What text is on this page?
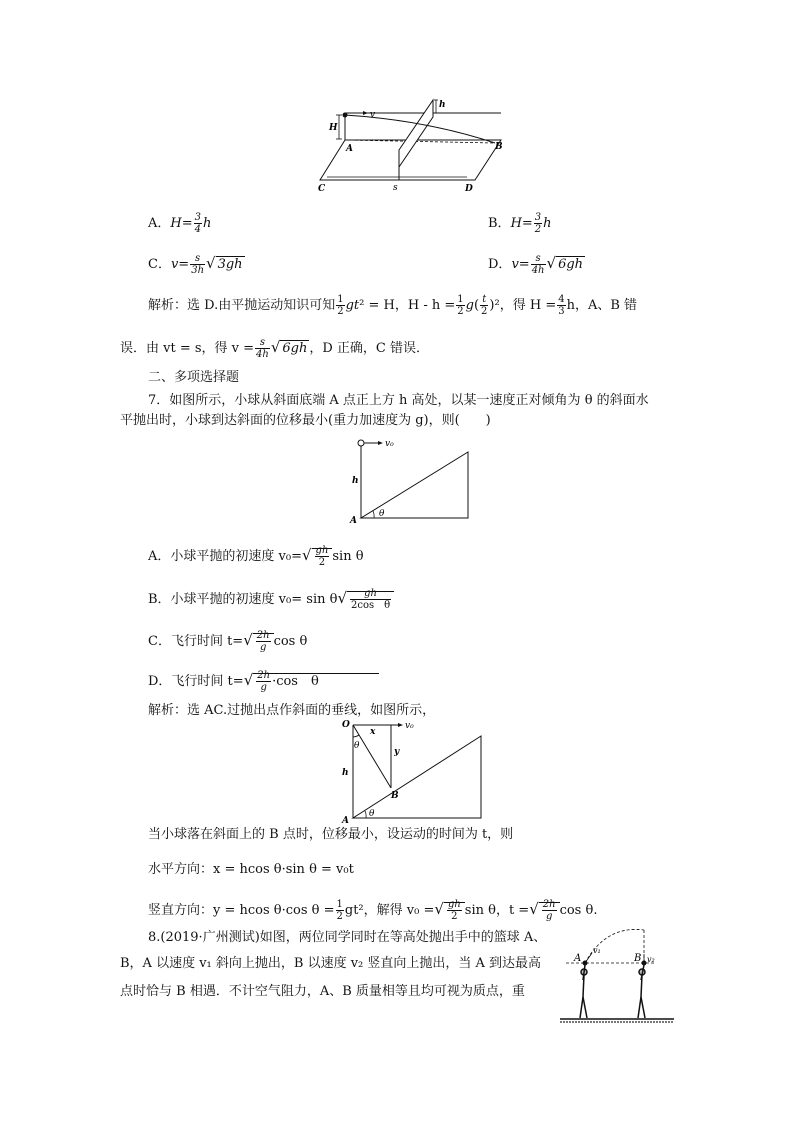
v
h
H
A	B
C	D
s
A．$H= \frac{3}{4}$ h	B．$H= \frac{3}{2}$ h
C．$v= \frac{s}{3h}$ √ 3gh	D．$v= \frac{s}{4h}$ √ 6gh
解析：选 D.由平抛运动知识可知 $\frac{1}{2} gt^2 = H$，$H - h = \frac{1}{2} g( \frac{t}{2} )^2$，得 $H = \frac{4}{3}$ h，A、B 错
误．由 vt = s，得 $v = \frac{s}{4h}$ √ 6gh ，D 正确，C 错误．
二、多项选择题
7．如图所示，小球从斜面底端 A 点正上方 h 高处，以某一速度正对倾角为 θ 的斜面水
平抛出时，小球到达斜面的位移最小(重力加速度为 g)，则(　　)
v₀
h
A
θ
A．小球平抛的初速度 $v_0=√ \frac{gh}{2}$ sin θ
B．小球平抛的初速度 $v_0= \sin \theta√ \frac{gh}{\text{2cos　θ}}$
C．飞行时间 $t=√ \frac{2h}{g}$ cos θ
D．飞行时间 $t=√ \frac{2h}{g} \cdot\cos$　θ
解析：选 AC.过抛出点作斜面的垂线，如图所示，
O
x
v₀
θ
y
h
B
A
θ
当小球落在斜面上的 B 点时，位移最小，设运动的时间为 t，则
水平方向：x = hcos θ·sin θ = v₀t
竖直方向：y = hcos θ·cos $\theta = \frac{1}{2} gt^2$，解得 v₀ =√ $\frac{gh}{2}$ sin θ，t =√ $\frac{2h}{g}$ cos θ.
8.(2019·广州测试)如图，两位同学同时在等高处抛出手中的篮球 A、
B，A 以速度 v₁ 斜向上抛出，B 以速度 v₂ 竖直向上抛出，当 A 到达最高
点时恰与 B 相遇．不计空气阻力，A、B 质量相等且均可视为质点，重
A	B
v₁
v₂
